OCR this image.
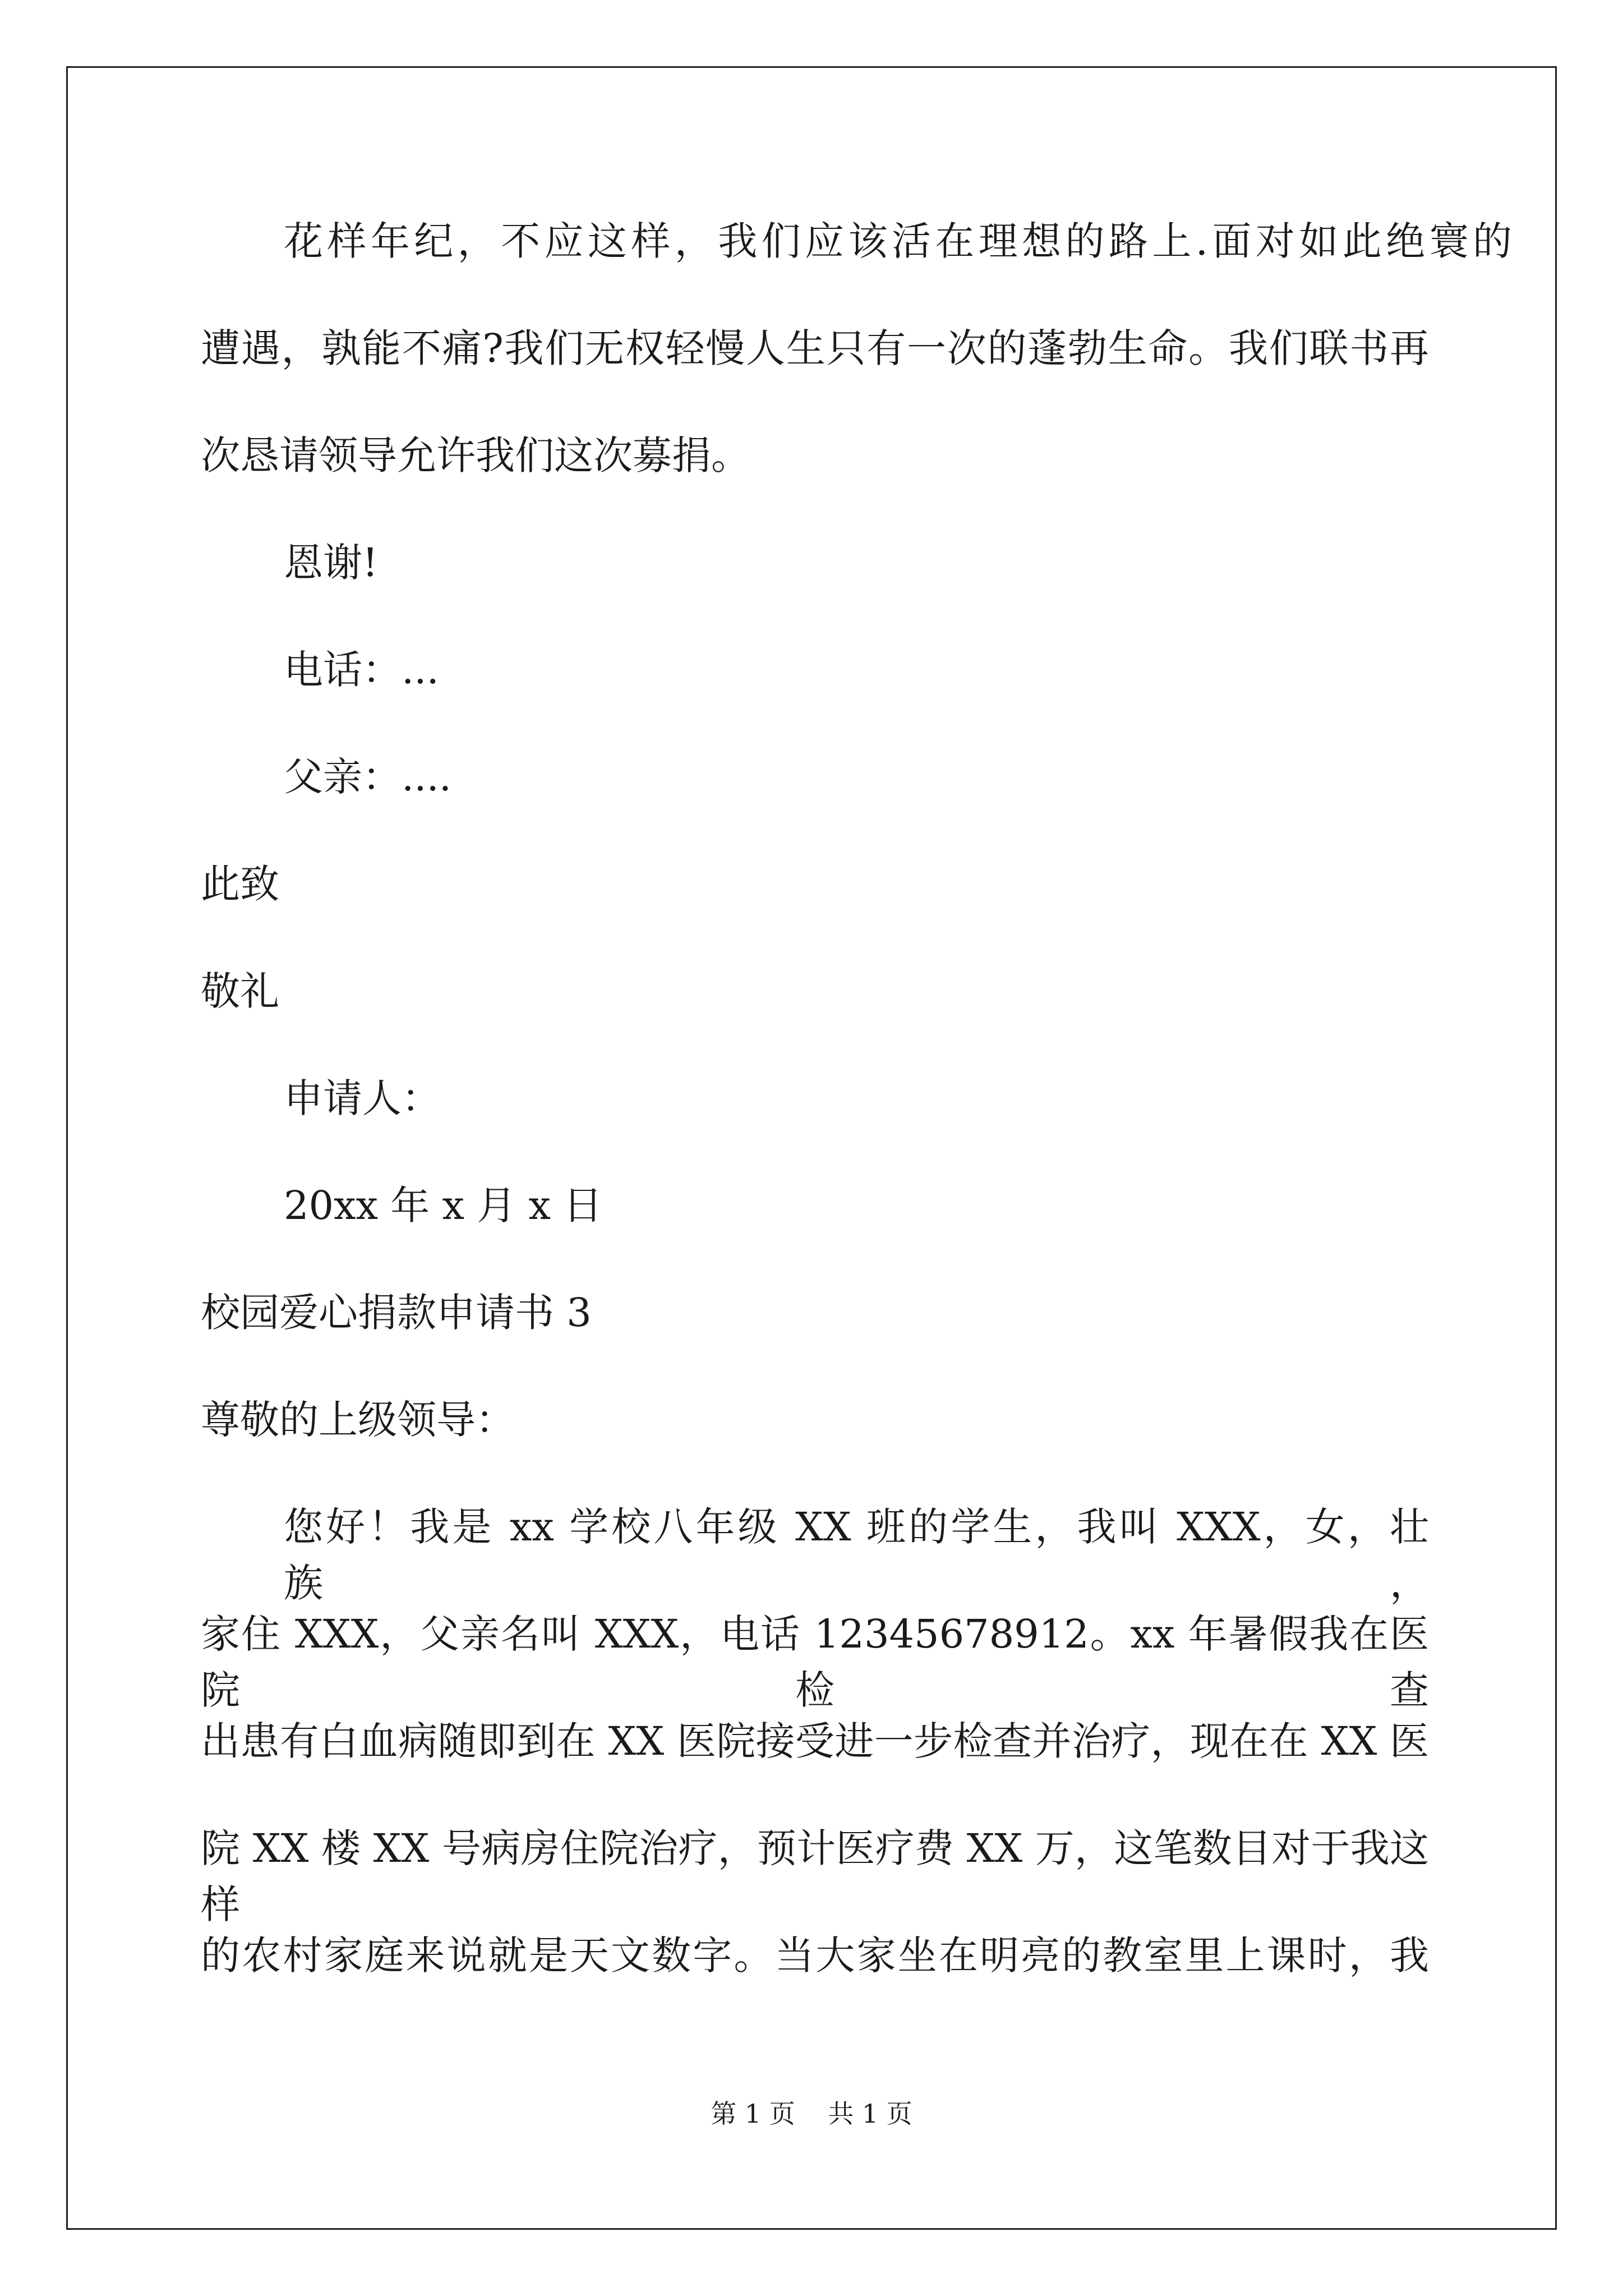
花样年纪，不应这样，我们应该活在理想的路上.面对如此绝寰的
遭遇，孰能不痛?我们无权轻慢人生只有一次的蓬勃生命。我们联书再
次恳请领导允许我们这次募捐。
恩谢!
电话：...
父亲：....
此致
敬礼
申请人：
20xx 年 x 月 x 日
校园爱心捐款申请书 3
尊敬的上级领导：
您好！我是 xx 学校八年级 XX 班的学生，我叫 XXX，女，壮族，
家住 XXX，父亲名叫 XXX，电话 12345678912。xx 年暑假我在医院检查
出患有白血病随即到在 XX 医院接受进一步检查并治疗，现在在 XX 医
院 XX 楼 XX 号病房住院治疗，预计医疗费 XX 万，这笔数目对于我这样
的农村家庭来说就是天文数字。当大家坐在明亮的教室里上课时，我
第 1 页 共 1 页
